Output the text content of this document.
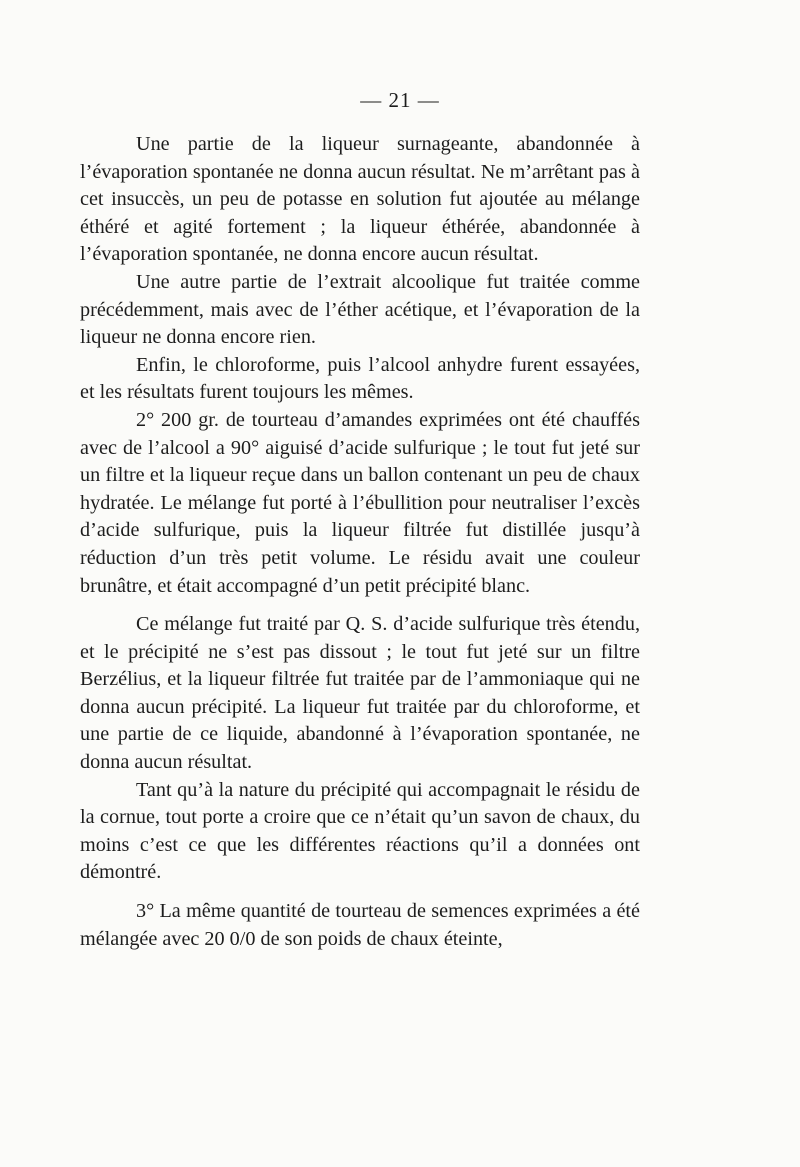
— 21 —

Une partie de la liqueur surnageante, abandonnée à l’évaporation spontanée ne donna aucun résultat. Ne m’arrêtant pas à cet insuccès, un peu de potasse en solution fut ajoutée au mélange éthéré et agité fortement ; la liqueur éthérée, abandonnée à l’évaporation spontanée, ne donna encore aucun résultat.

Une autre partie de l’extrait alcoolique fut traitée comme précédemment, mais avec de l’éther acétique, et l’évaporation de la liqueur ne donna encore rien.

Enfin, le chloroforme, puis l’alcool anhydre furent essayées, et les résultats furent toujours les mêmes.

2° 200 gr. de tourteau d’amandes exprimées ont été chauffés avec de l’alcool a 90° aiguisé d’acide sulfurique ; le tout fut jeté sur un filtre et la liqueur reçue dans un ballon contenant un peu de chaux hydratée. Le mélange fut porté à l’ébullition pour neutraliser l’excès d’acide sulfurique, puis la liqueur filtrée fut distillée jusqu’à réduction d’un très petit volume. Le résidu avait une couleur brunâtre, et était accompagné d’un petit précipité blanc.

Ce mélange fut traité par Q. S. d’acide sulfurique très étendu, et le précipité ne s’est pas dissout ; le tout fut jeté sur un filtre Berzélius, et la liqueur filtrée fut traitée par de l’ammoniaque qui ne donna aucun précipité. La liqueur fut traitée par du chloroforme, et une partie de ce liquide, abandonné à l’évaporation spontanée, ne donna aucun résultat.

Tant qu’à la nature du précipité qui accompagnait le résidu de la cornue, tout porte a croire que ce n’était qu’un savon de chaux, du moins c’est ce que les différentes réactions qu’il a données ont démontré.

3° La même quantité de tourteau de semences exprimées a été mélangée avec 20 0/0 de son poids de chaux éteinte,
